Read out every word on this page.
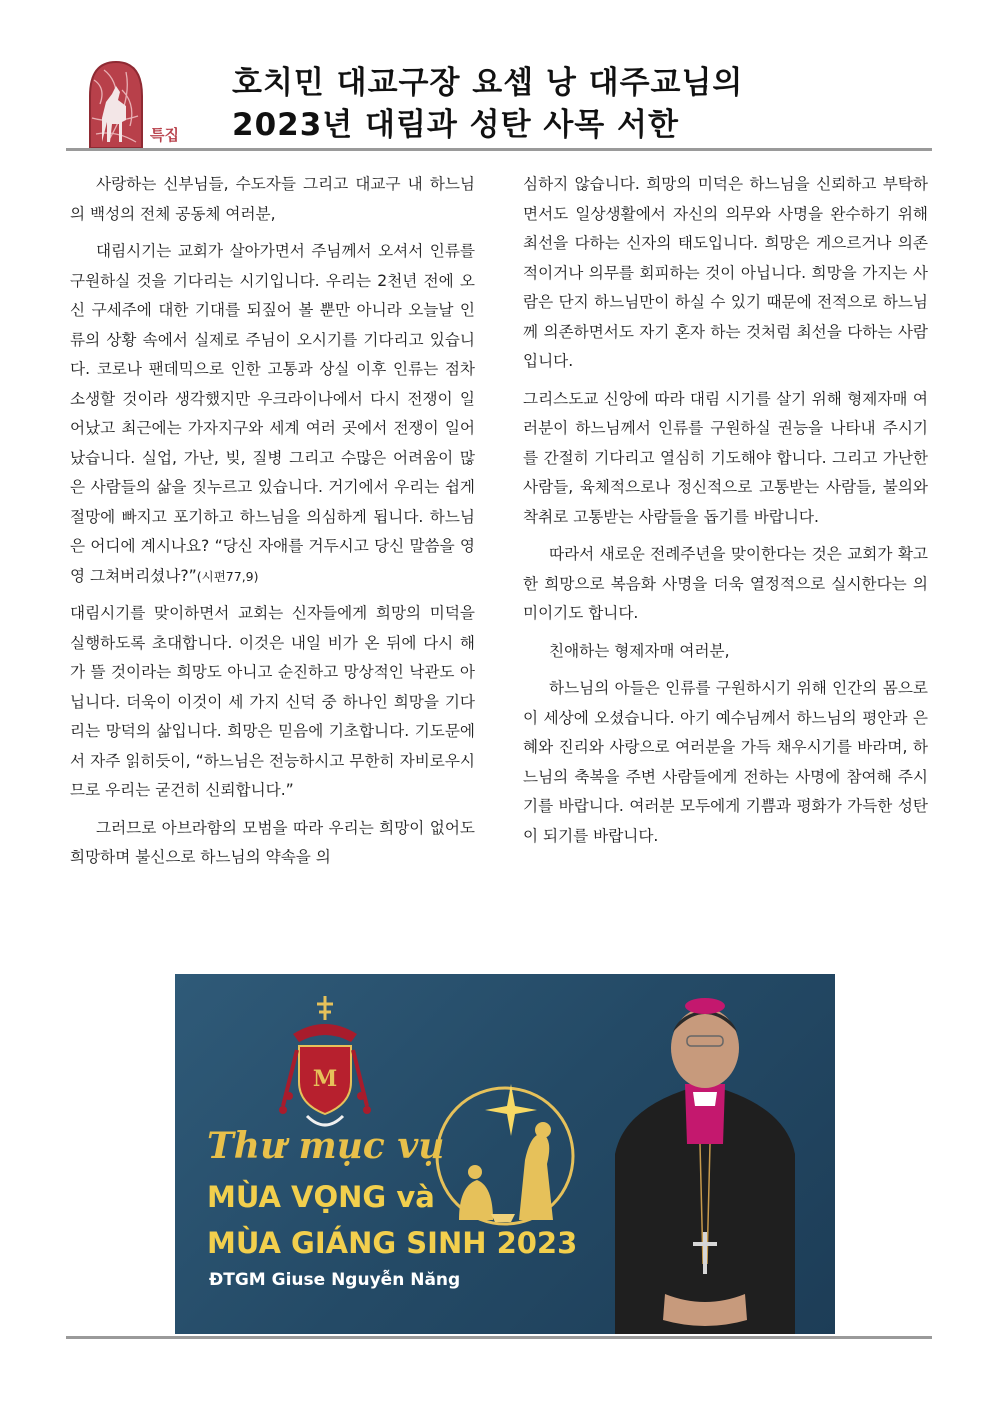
특집
호치민 대교구장 요셉 낭 대주교님의
2023년 대림과 성탄 사목 서한

사랑하는 신부님들, 수도자들 그리고 대교구 내 하느님의 백성의 전체 공동체 여러분,

대림시기는 교회가 살아가면서 주님께서 오셔서 인류를 구원하실 것을 기다리는 시기입니다. 우리는 2천년 전에 오신 구세주에 대한 기대를 되짚어 볼 뿐만 아니라 오늘날 인류의 상황 속에서 실제로 주님이 오시기를 기다리고 있습니다. 코로나 팬데믹으로 인한 고통과 상실 이후 인류는 점차 소생할 것이라 생각했지만 우크라이나에서 다시 전쟁이 일어났고 최근에는 가자지구와 세계 여러 곳에서 전쟁이 일어났습니다. 실업, 가난, 빚, 질병 그리고 수많은 어려움이 많은 사람들의 삶을 짓누르고 있습니다. 거기에서 우리는 쉽게 절망에 빠지고 포기하고 하느님을 의심하게 됩니다. 하느님은 어디에 계시나요? “당신 자애를 거두시고 당신 말씀을 영영 그쳐버리셨나?”(시편77,9)

대림시기를 맞이하면서 교회는 신자들에게 희망의 미덕을 실행하도록 초대합니다. 이것은 내일 비가 온 뒤에 다시 해가 뜰 것이라는 희망도 아니고 순진하고 망상적인 낙관도 아닙니다. 더욱이 이것이 세 가지 신덕 중 하나인 희망을 기다리는 망덕의 삶입니다. 희망은 믿음에 기초합니다. 기도문에서 자주 읽히듯이, “하느님은 전능하시고 무한히 자비로우시므로 우리는 굳건히 신뢰합니다.”

그러므로 아브라함의 모범을 따라 우리는 희망이 없어도 희망하며 불신으로 하느님의 약속을 의

심하지 않습니다. 희망의 미덕은 하느님을 신뢰하고 부탁하면서도 일상생활에서 자신의 의무와 사명을 완수하기 위해 최선을 다하는 신자의 태도입니다. 희망은 게으르거나 의존적이거나 의무를 회피하는 것이 아닙니다. 희망을 가지는 사람은 단지 하느님만이 하실 수 있기 때문에 전적으로 하느님께 의존하면서도 자기 혼자 하는 것처럼 최선을 다하는 사람입니다.

그리스도교 신앙에 따라 대림 시기를 살기 위해 형제자매 여러분이 하느님께서 인류를 구원하실 권능을 나타내 주시기를 간절히 기다리고 열심히 기도해야 합니다. 그리고 가난한 사람들, 육체적으로나 정신적으로 고통받는 사람들, 불의와 착취로 고통받는 사람들을 돕기를 바랍니다.

따라서 새로운 전례주년을 맞이한다는 것은 교회가 확고한 희망으로 복음화 사명을 더욱 열정적으로 실시한다는 의미이기도 합니다.

친애하는 형제자매 여러분,

하느님의 아들은 인류를 구원하시기 위해 인간의 몸으로 이 세상에 오셨습니다. 아기 예수님께서 하느님의 평안과 은혜와 진리와 사랑으로 여러분을 가득 채우시기를 바라며, 하느님의 축복을 주변 사람들에게 전하는 사명에 참여해 주시기를 바랍니다. 여러분 모두에게 기쁨과 평화가 가득한 성탄이 되기를 바랍니다.

M

Thư mục vụ

MÙA VỌNG và

MÙA GIÁNG SINH 2023

ĐTGM Giuse Nguyễn Năng
